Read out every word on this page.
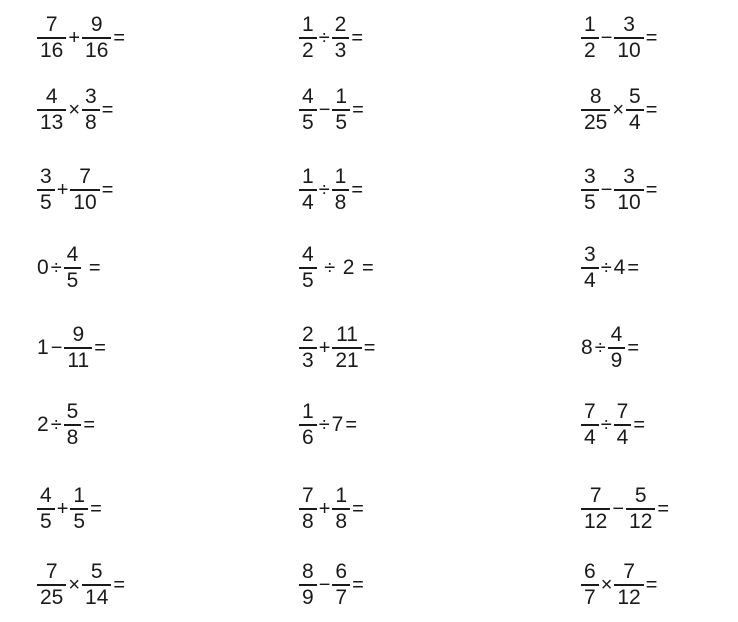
$\frac{7}{16} + \frac{9}{16}$ =	$\frac{1}{2} \div \frac{2}{3}$ =	$\frac{1}{2} - \frac{3}{10}$ =
$\frac{4}{13} \times \frac{3}{8}$ =	$\frac{4}{5} - \frac{1}{5}$ =	$\frac{8}{25} \times \frac{5}{4}$ =
$\frac{3}{5} + \frac{7}{10}$ =	$\frac{1}{4} \div \frac{1}{8}$ =	$\frac{3}{5} - \frac{3}{10}$ =
$0 \div \frac{4}{5}$ =	$\frac{4}{5} \div 2$ =	$\frac{3}{4} \div 4$ =
$1 - \frac{9}{11}$ =	$\frac{2}{3} + \frac{11}{21}$ =	$8 \div \frac{4}{9}$ =
$2 \div \frac{5}{8}$ =	$\frac{1}{6} \div 7$ =	$\frac{7}{4} \div \frac{7}{4}$ =
$\frac{4}{5} + \frac{1}{5}$ =	$\frac{7}{8} + \frac{1}{8}$ =	$\frac{7}{12} - \frac{5}{12}$ =
$\frac{7}{25} \times \frac{5}{14}$ =	$\frac{8}{9} - \frac{6}{7}$ =	$\frac{6}{7} \times \frac{7}{12}$ =
